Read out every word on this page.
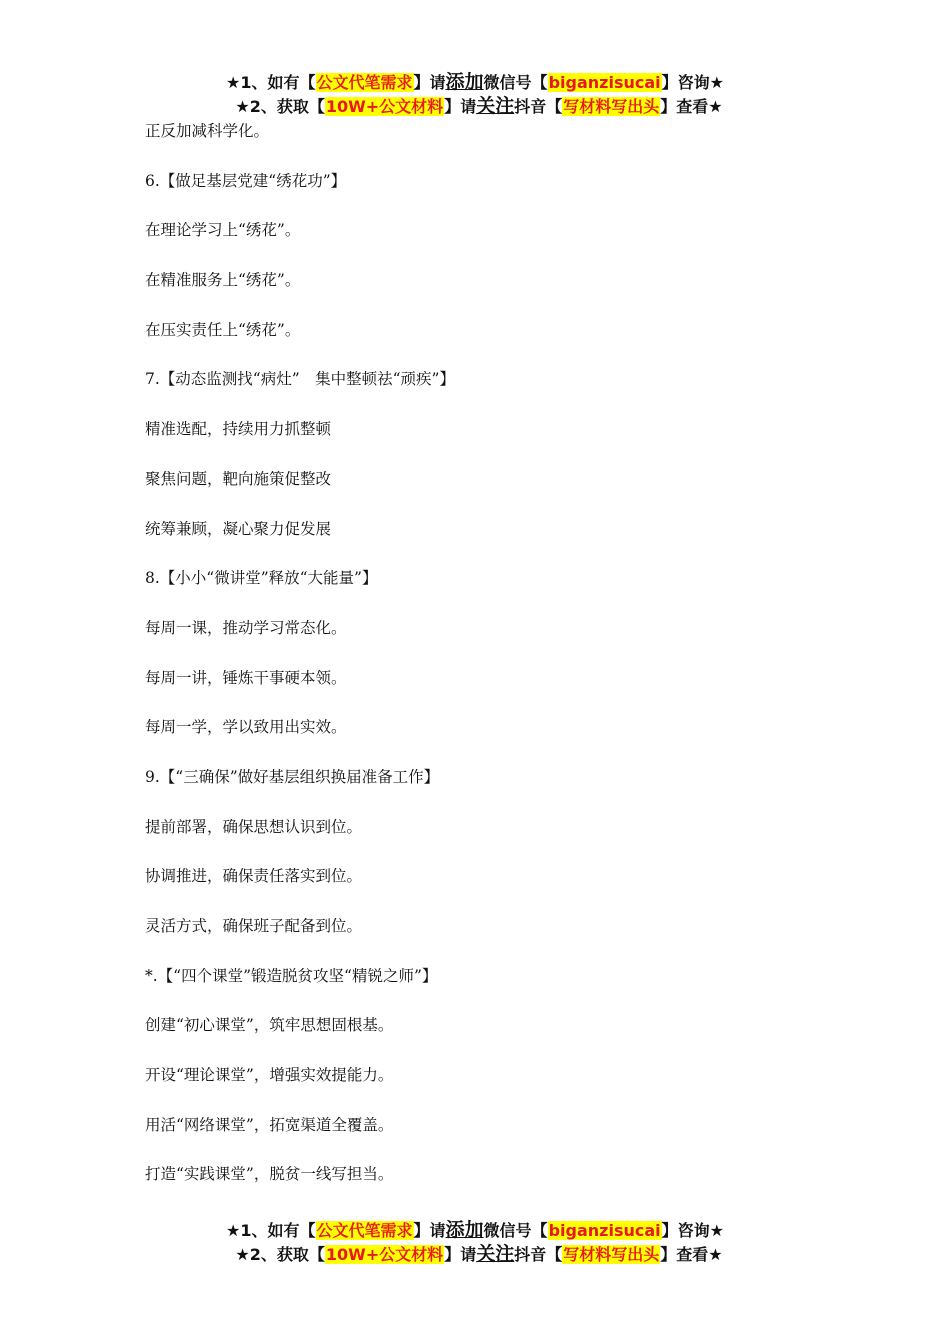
★1、如有【公文代笔需求】请添加微信号【biganzisucai】咨询★
★2、获取【10W+公文材料】请关注抖音【写材料写出头】查看★
正反加减科学化。
6.【做足基层党建“绣花功”】
在理论学习上“绣花”。
在精准服务上“绣花”。
在压实责任上“绣花”。
7.【动态监测找“病灶”　集中整顿祛“顽疾”】
精准选配，持续用力抓整顿
聚焦问题，靶向施策促整改
统筹兼顾，凝心聚力促发展
8.【小小“微讲堂”释放“大能量”】
每周一课，推动学习常态化。
每周一讲，锤炼干事硬本领。
每周一学，学以致用出实效。
9.【“三确保”做好基层组织换届准备工作】
提前部署，确保思想认识到位。
协调推进，确保责任落实到位。
灵活方式，确保班子配备到位。
*.【“四个课堂”锻造脱贫攻坚“精锐之师”】
创建“初心课堂”，筑牢思想固根基。
开设“理论课堂”，增强实效提能力。
用活“网络课堂”，拓宽渠道全覆盖。
打造“实践课堂”，脱贫一线写担当。
★1、如有【公文代笔需求】请添加微信号【biganzisucai】咨询★
★2、获取【10W+公文材料】请关注抖音【写材料写出头】查看★
